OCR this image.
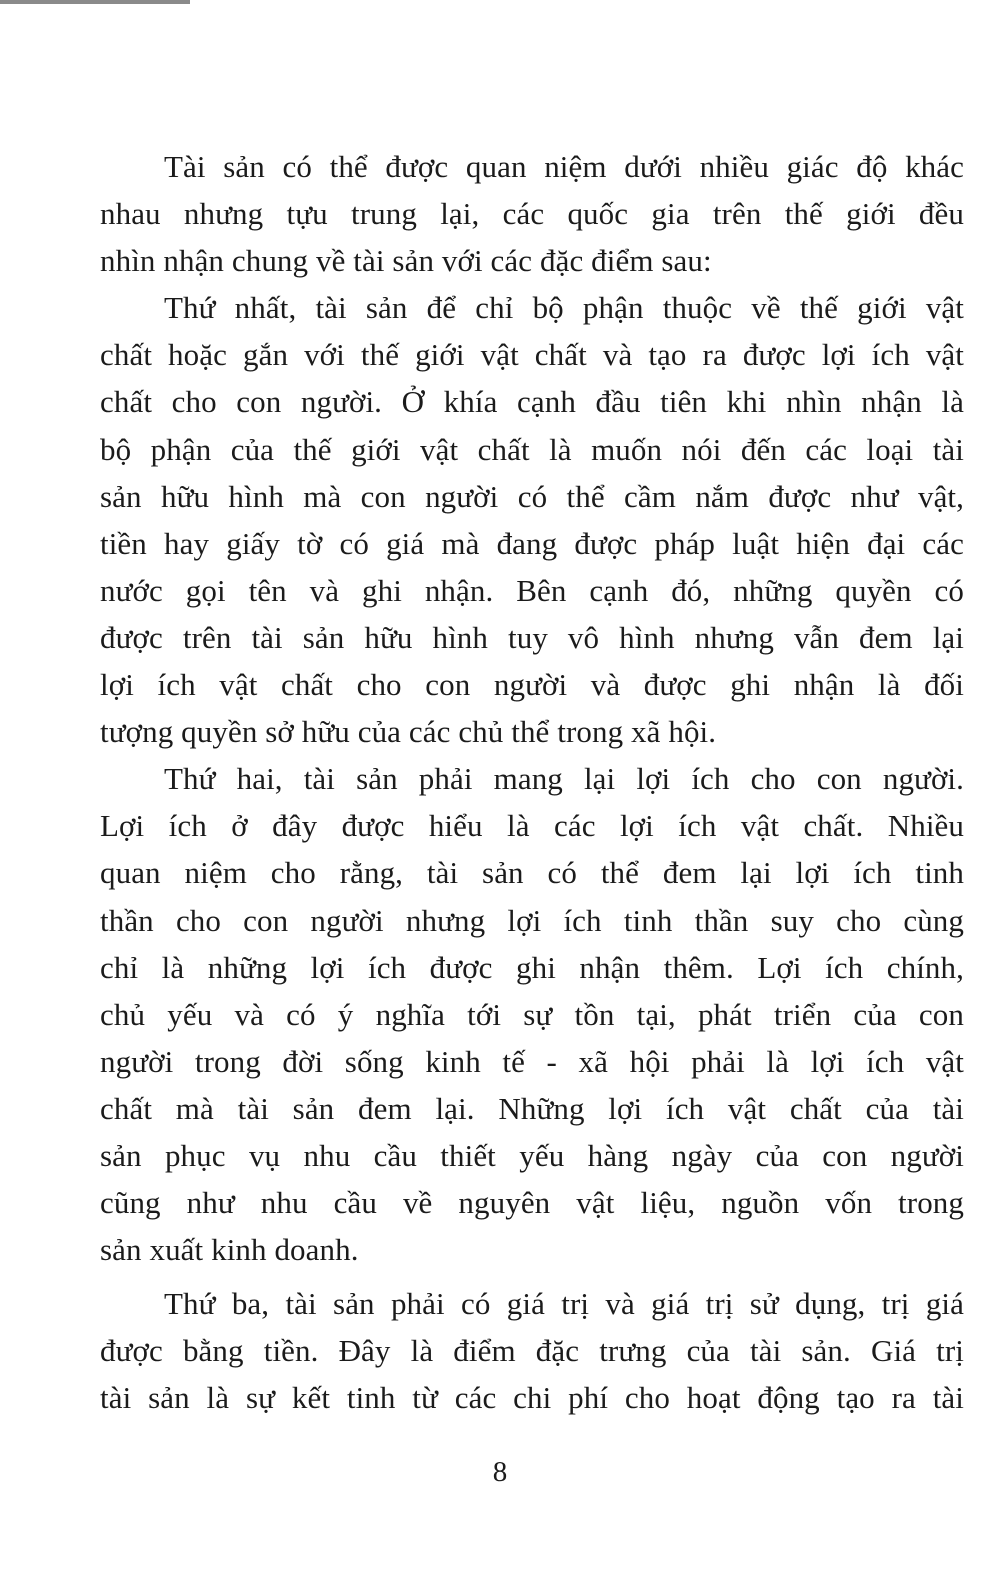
Tài sản có thể được quan niệm dưới nhiều giác độ khác
nhau nhưng tựu trung lại, các quốc gia trên thế giới đều
nhìn nhận chung về tài sản với các đặc điểm sau:

Thứ nhất, tài sản để chỉ bộ phận thuộc về thế giới vật
chất hoặc gắn với thế giới vật chất và tạo ra được lợi ích vật
chất cho con người. Ở khía cạnh đầu tiên khi nhìn nhận là
bộ phận của thế giới vật chất là muốn nói đến các loại tài
sản hữu hình mà con người có thể cầm nắm được như vật,
tiền hay giấy tờ có giá mà đang được pháp luật hiện đại các
nước gọi tên và ghi nhận. Bên cạnh đó, những quyền có
được trên tài sản hữu hình tuy vô hình nhưng vẫn đem lại
lợi ích vật chất cho con người và được ghi nhận là đối
tượng quyền sở hữu của các chủ thể trong xã hội.

Thứ hai, tài sản phải mang lại lợi ích cho con người.
Lợi ích ở đây được hiểu là các lợi ích vật chất. Nhiều
quan niệm cho rằng, tài sản có thể đem lại lợi ích tinh
thần cho con người nhưng lợi ích tinh thần suy cho cùng
chỉ là những lợi ích được ghi nhận thêm. Lợi ích chính,
chủ yếu và có ý nghĩa tới sự tồn tại, phát triển của con
người trong đời sống kinh tế - xã hội phải là lợi ích vật
chất mà tài sản đem lại. Những lợi ích vật chất của tài
sản phục vụ nhu cầu thiết yếu hàng ngày của con người
cũng như nhu cầu về nguyên vật liệu, nguồn vốn trong
sản xuất kinh doanh.

Thứ ba, tài sản phải có giá trị và giá trị sử dụng, trị giá
được bằng tiền. Đây là điểm đặc trưng của tài sản. Giá trị
tài sản là sự kết tinh từ các chi phí cho hoạt động tạo ra tài

8
